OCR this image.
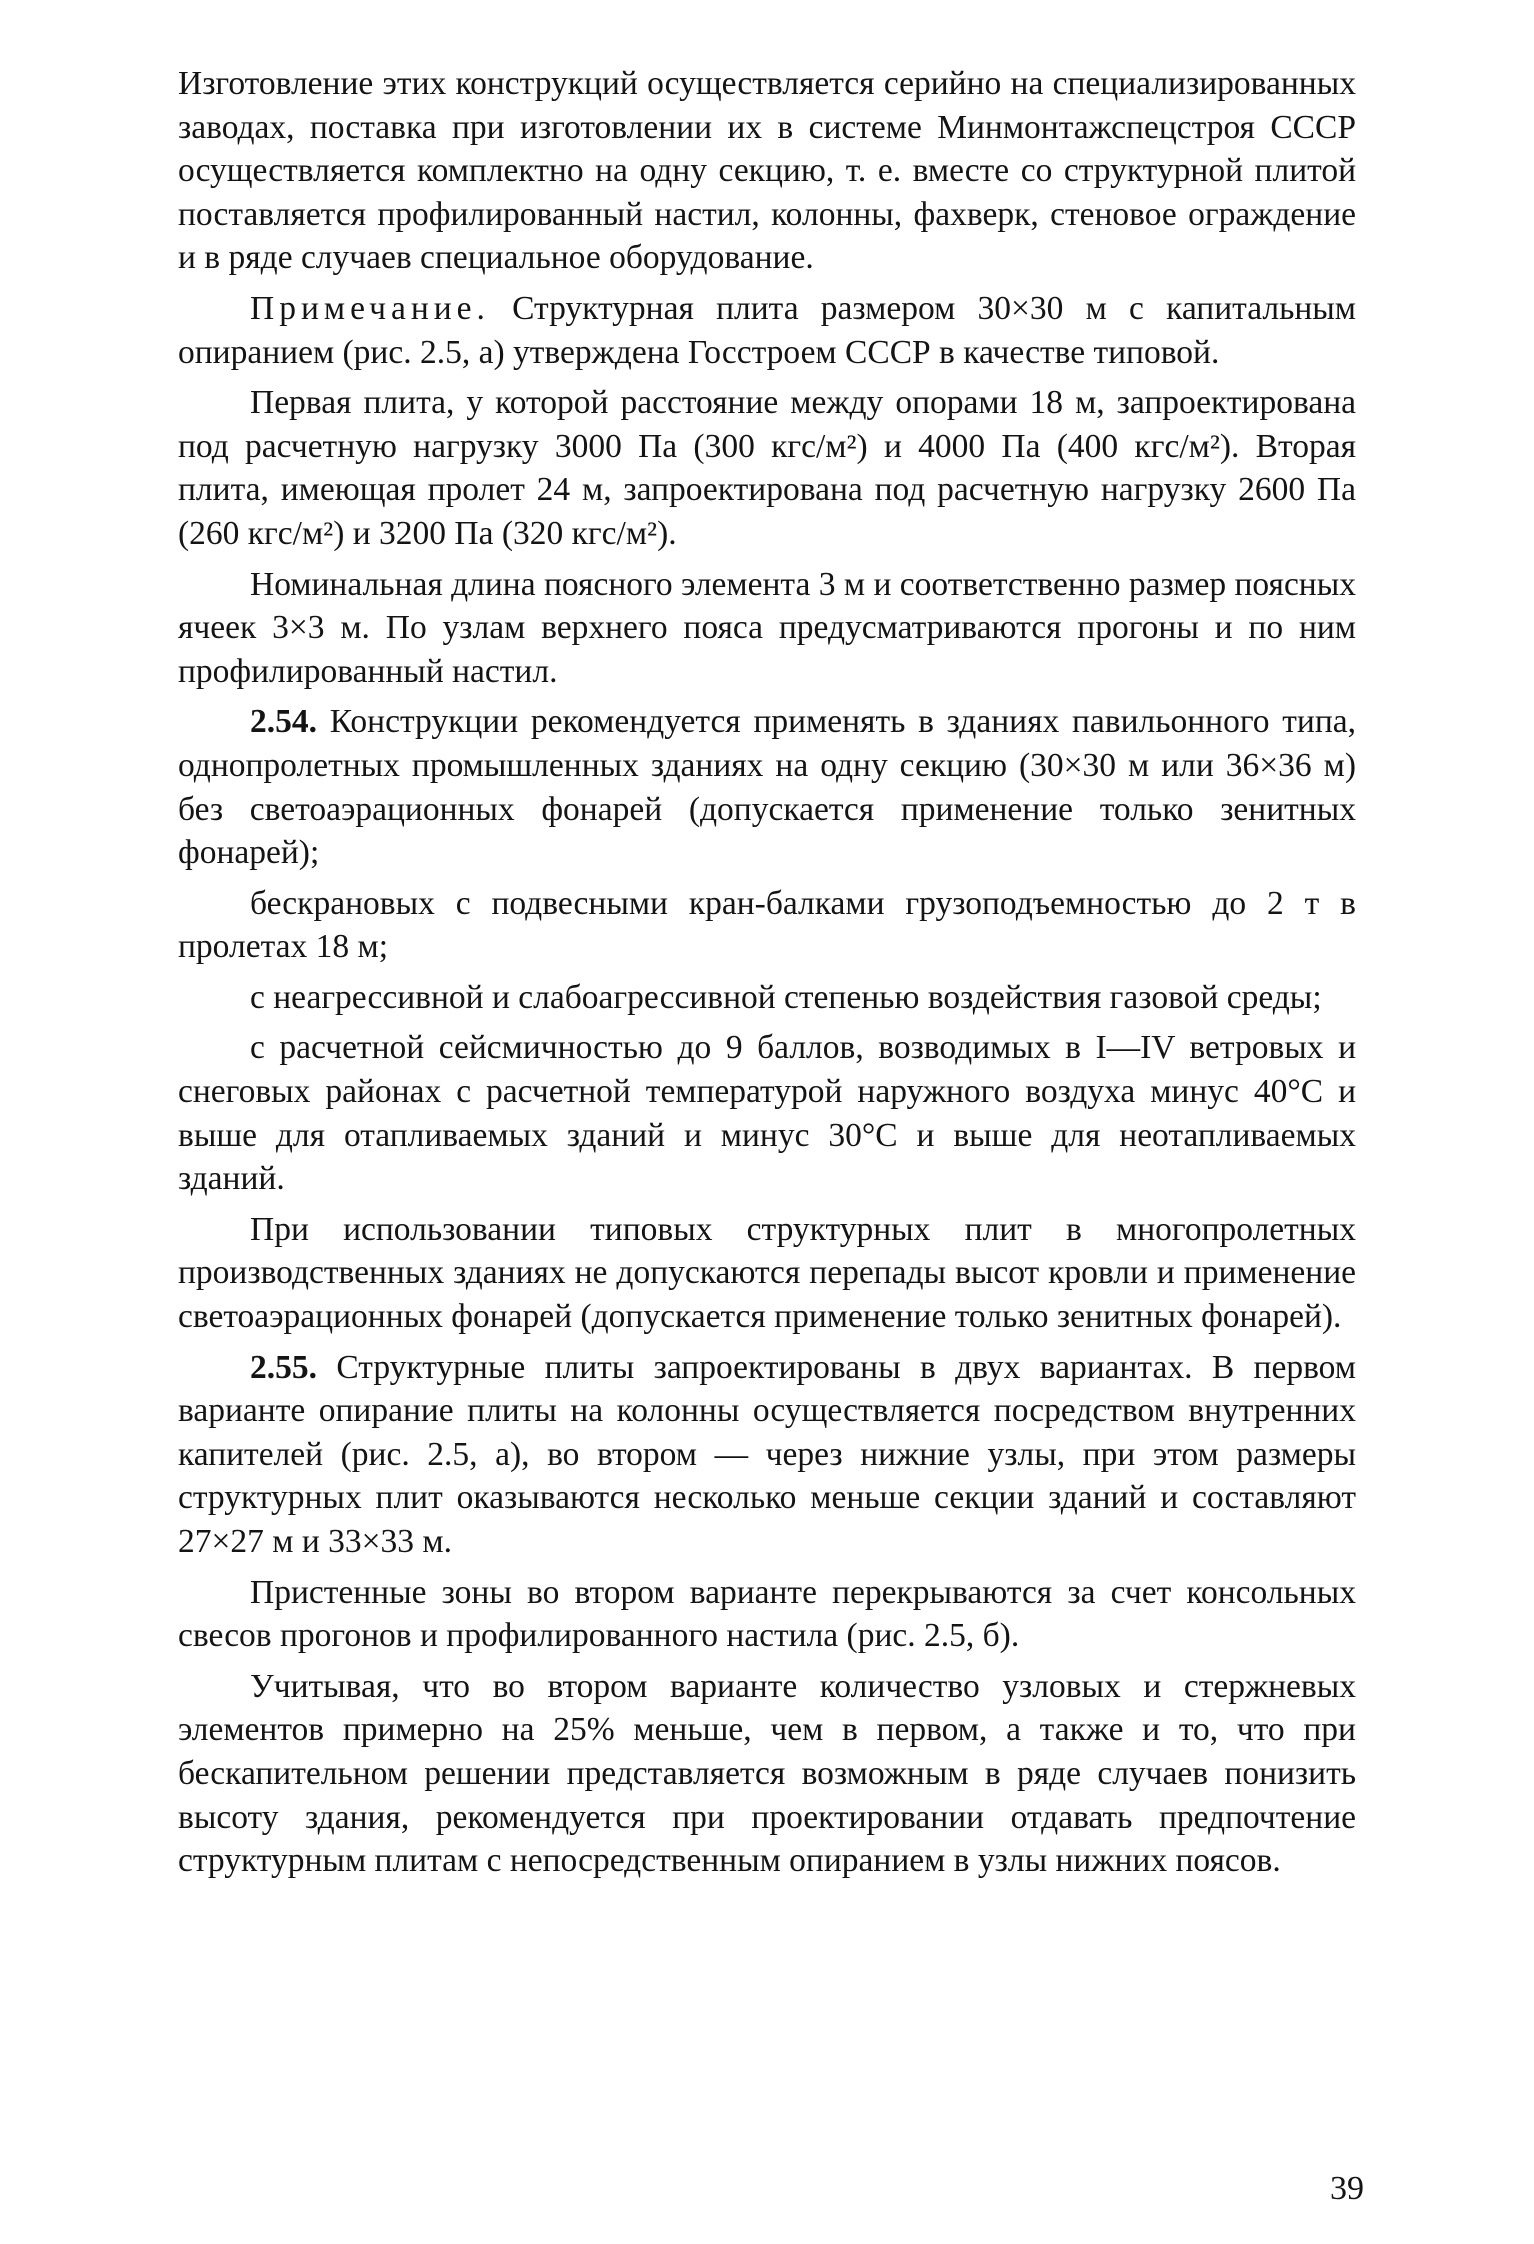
Изготовление этих конструкций осуществляется серийно на специализированных заводах, поставка при изготовлении их в системе Минмонтажспецстроя СССР осуществляется комплектно на одну секцию, т. е. вместе со структурной плитой поставляется профилированный настил, колонны, фахверк, стеновое ограждение и в ряде случаев специальное оборудование.

Примечание. Структурная плита размером 30×30 м с капитальным опиранием (рис. 2.5, а) утверждена Госстроем СССР в качестве типовой.

Первая плита, у которой расстояние между опорами 18 м, запроектирована под расчетную нагрузку 3000 Па (300 кгс/м²) и 4000 Па (400 кгс/м²). Вторая плита, имеющая пролет 24 м, запроектирована под расчетную нагрузку 2600 Па (260 кгс/м²) и 3200 Па (320 кгс/м²).

Номинальная длина поясного элемента 3 м и соответственно размер поясных ячеек 3×3 м. По узлам верхнего пояса предусматриваются прогоны и по ним профилированный настил.

2.54. Конструкции рекомендуется применять в зданиях павильонного типа, однопролетных промышленных зданиях на одну секцию (30×30 м или 36×36 м) без светоаэрационных фонарей (допускается применение только зенитных фонарей);

бескрановых с подвесными кран-балками грузоподъемностью до 2 т в пролетах 18 м;

с неагрессивной и слабоагрессивной степенью воздействия газовой среды;

с расчетной сейсмичностью до 9 баллов, возводимых в I—IV ветровых и снеговых районах с расчетной температурой наружного воздуха минус 40°С и выше для отапливаемых зданий и минус 30°С и выше для неотапливаемых зданий.

При использовании типовых структурных плит в многопролетных производственных зданиях не допускаются перепады высот кровли и применение светоаэрационных фонарей (допускается применение только зенитных фонарей).

2.55. Структурные плиты запроектированы в двух вариантах. В первом варианте опирание плиты на колонны осуществляется посредством внутренних капителей (рис. 2.5, а), во втором — через нижние узлы, при этом размеры структурных плит оказываются несколько меньше секции зданий и составляют 27×27 м и 33×33 м.

Пристенные зоны во втором варианте перекрываются за счет консольных свесов прогонов и профилированного настила (рис. 2.5, б).

Учитывая, что во втором варианте количество узловых и стержневых элементов примерно на 25% меньше, чем в первом, а также и то, что при бескапительном решении представляется возможным в ряде случаев понизить высоту здания, рекомендуется при проектировании отдавать предпочтение структурным плитам с непосредственным опиранием в узлы нижних поясов.

39
